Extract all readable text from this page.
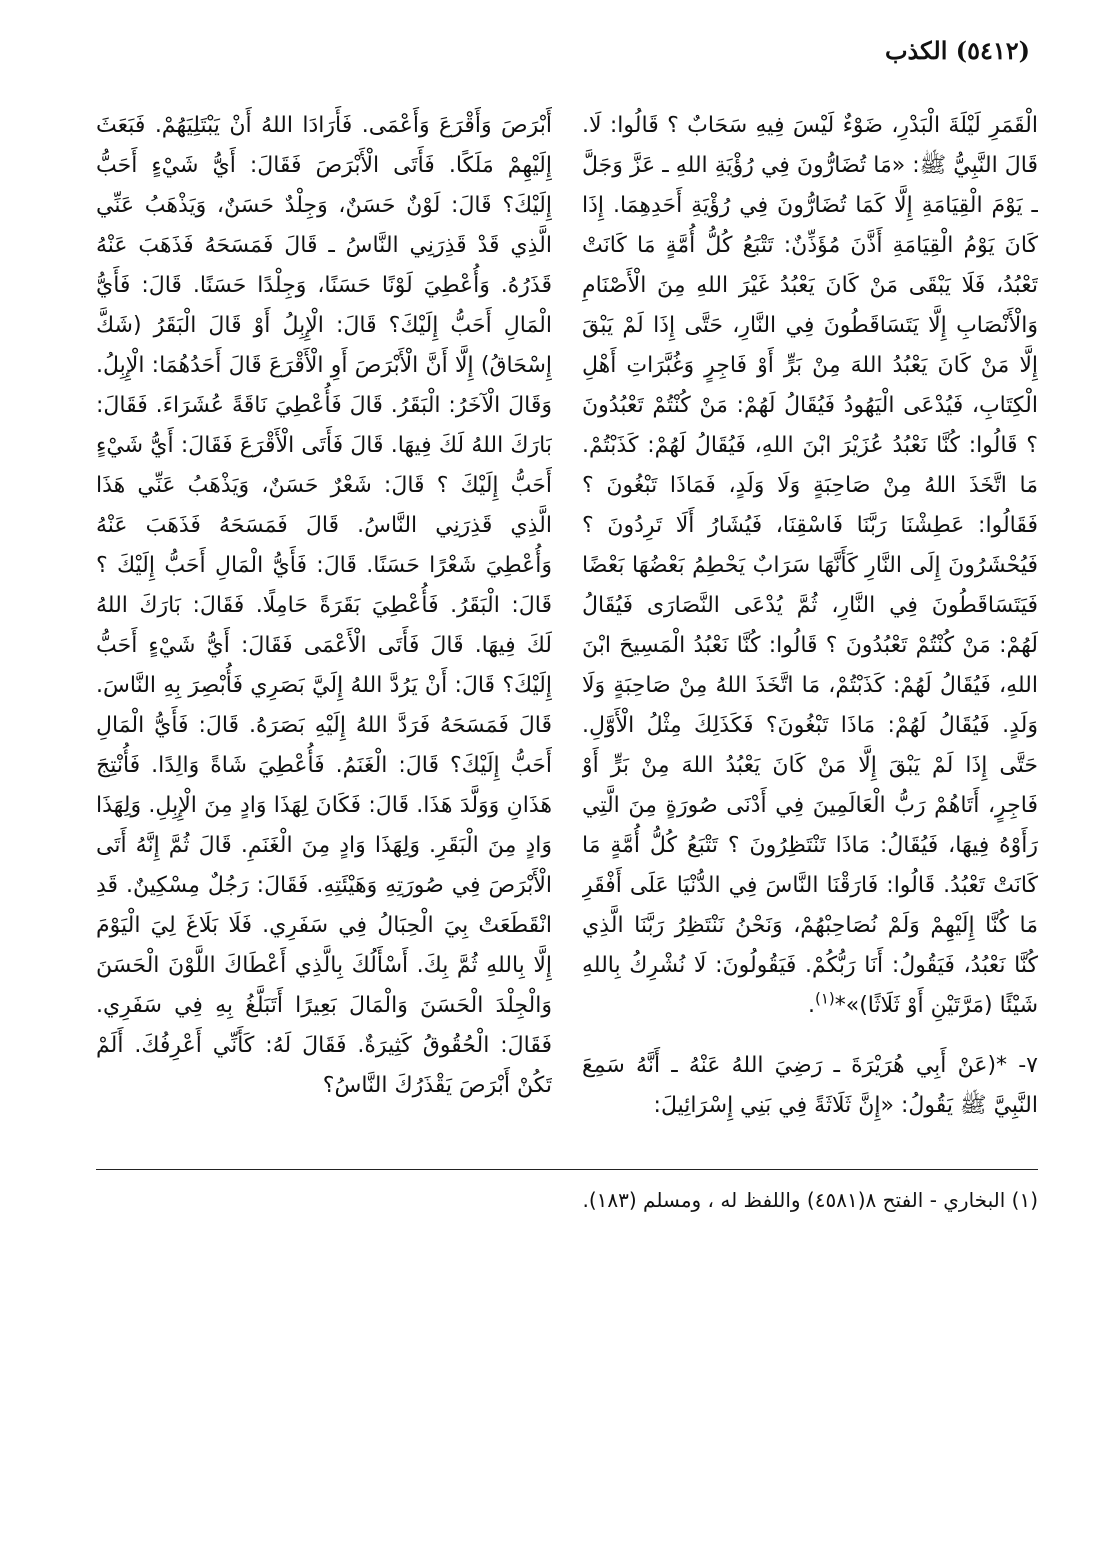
(٥٤١٢) الكذب

الْقَمَرِ لَيْلَةَ الْبَدْرِ، ضَوْءٌ لَيْسَ فِيهِ سَحَابٌ ؟ قَالُوا: لَا. قَالَ النَّبِيُّ ﷺ: «مَا تُضَارُّونَ فِي رُؤْيَةِ اللهِ ـ عَزَّ وَجَلَّ ـ يَوْمَ الْقِيَامَةِ إِلَّا كَمَا تُضَارُّونَ فِي رُؤْيَةِ أَحَدِهِمَا. إِذَا كَانَ يَوْمُ الْقِيَامَةِ أَذَّنَ مُؤَذِّنٌ: تَتْبَعُ كُلُّ أُمَّةٍ مَا كَانَتْ تَعْبُدُ، فَلَا يَبْقَى مَنْ كَانَ يَعْبُدُ غَيْرَ اللهِ مِنَ الْأَصْنَامِ وَالْأَنْصَابِ إِلَّا يَتَسَاقَطُونَ فِي النَّارِ، حَتَّى إِذَا لَمْ يَبْقَ إِلَّا مَنْ كَانَ يَعْبُدُ اللهَ مِنْ بَرٍّ أَوْ فَاجِرٍ وَغُبَّرَاتِ أَهْلِ الْكِتَابِ، فَيُدْعَى الْيَهُودُ فَيُقَالُ لَهُمْ: مَنْ كُنْتُمْ تَعْبُدُونَ ؟ قَالُوا: كُنَّا نَعْبُدُ عُزَيْرَ ابْنَ اللهِ، فَيُقَالُ لَهُمْ: كَذَبْتُمْ. مَا اتَّخَذَ اللهُ مِنْ صَاحِبَةٍ وَلَا وَلَدٍ، فَمَاذَا تَبْغُونَ ؟ فَقَالُوا: عَطِشْنَا رَبَّنَا فَاسْقِنَا، فَيُشَارُ أَلَا تَرِدُونَ ؟ فَيُحْشَرُونَ إِلَى النَّارِ كَأَنَّهَا سَرَابٌ يَحْطِمُ بَعْضُهَا بَعْضًا فَيَتَسَاقَطُونَ فِي النَّارِ، ثُمَّ يُدْعَى النَّصَارَى فَيُقَالُ لَهُمْ: مَنْ كُنْتُمْ تَعْبُدُونَ ؟ قَالُوا: كُنَّا نَعْبُدُ الْمَسِيحَ ابْنَ اللهِ، فَيُقَالُ لَهُمْ: كَذَبْتُمْ، مَا اتَّخَذَ اللهُ مِنْ صَاحِبَةٍ وَلَا وَلَدٍ. فَيُقَالُ لَهُمْ: مَاذَا تَبْغُونَ؟ فَكَذَلِكَ مِثْلُ الْأَوَّلِ. حَتَّى إِذَا لَمْ يَبْقَ إِلَّا مَنْ كَانَ يَعْبُدُ اللهَ مِنْ بَرٍّ أَوْ فَاجِرٍ، أَتَاهُمْ رَبُّ الْعَالَمِينَ فِي أَدْنَى صُورَةٍ مِنَ الَّتِي رَأَوْهُ فِيهَا، فَيُقَالُ: مَاذَا تَنْتَظِرُونَ ؟ تَتْبَعُ كُلُّ أُمَّةٍ مَا كَانَتْ تَعْبُدُ. قَالُوا: فَارَقْنَا النَّاسَ فِي الدُّنْيَا عَلَى أَفْقَرِ مَا كُنَّا إِلَيْهِمْ وَلَمْ نُصَاحِبْهُمْ، وَنَحْنُ نَنْتَظِرُ رَبَّنَا الَّذِي كُنَّا نَعْبُدُ، فَيَقُولُ: أَنَا رَبُّكُمْ. فَيَقُولُونَ: لَا نُشْرِكُ بِاللهِ شَيْئًا (مَرَّتَيْنِ أَوْ ثَلَاثًا)»*$^{(١)}$.

٧- *(عَنْ أَبِي هُرَيْرَةَ ـ رَضِيَ اللهُ عَنْهُ ـ أَنَّهُ سَمِعَ النَّبِيَّ ﷺ يَقُولُ: «إِنَّ ثَلَاثَةً فِي بَنِي إِسْرَائِيلَ:

أَبْرَصَ وَأَقْرَعَ وَأَعْمَى. فَأَرَادَا اللهُ أَنْ يَبْتَلِيَهُمْ. فَبَعَثَ إِلَيْهِمْ مَلَكًا. فَأَتَى الْأَبْرَصَ فَقَالَ: أَيُّ شَيْءٍ أَحَبُّ إِلَيْكَ؟ قَالَ: لَوْنٌ حَسَنٌ، وَجِلْدٌ حَسَنٌ، وَيَذْهَبُ عَنِّي الَّذِي قَدْ قَذِرَنِي النَّاسُ ـ قَالَ فَمَسَحَهُ فَذَهَبَ عَنْهُ قَذَرُهُ. وَأُعْطِيَ لَوْنًا حَسَنًا، وَجِلْدًا حَسَنًا. قَالَ: فَأَيُّ الْمَالِ أَحَبُّ إِلَيْكَ؟ قَالَ: الْإِبِلُ أَوْ قَالَ الْبَقَرُ (شَكَّ إِسْحَاقُ) إِلَّا أَنَّ الْأَبْرَصَ أَوِ الْأَقْرَعَ قَالَ أَحَدُهُمَا: الْإِبِلُ. وَقَالَ الْآخَرُ: الْبَقَرُ. قَالَ فَأُعْطِيَ نَاقَةً عُشَرَاءَ. فَقَالَ: بَارَكَ اللهُ لَكَ فِيهَا. قَالَ فَأَتَى الْأَقْرَعَ فَقَالَ: أَيُّ شَيْءٍ أَحَبُّ إِلَيْكَ ؟ قَالَ: شَعْرٌ حَسَنٌ، وَيَذْهَبُ عَنِّي هَذَا الَّذِي قَذِرَنِي النَّاسُ. قَالَ فَمَسَحَهُ فَذَهَبَ عَنْهُ وَأُعْطِيَ شَعْرًا حَسَنًا. قَالَ: فَأَيُّ الْمَالِ أَحَبُّ إِلَيْكَ ؟ قَالَ: الْبَقَرُ. فَأُعْطِيَ بَقَرَةً حَامِلًا. فَقَالَ: بَارَكَ اللهُ لَكَ فِيهَا. قَالَ فَأَتَى الْأَعْمَى فَقَالَ: أَيُّ شَيْءٍ أَحَبُّ إِلَيْكَ؟ قَالَ: أَنْ يَرُدَّ اللهُ إِلَيَّ بَصَرِي فَأُبْصِرَ بِهِ النَّاسَ. قَالَ فَمَسَحَهُ فَرَدَّ اللهُ إِلَيْهِ بَصَرَهُ. قَالَ: فَأَيُّ الْمَالِ أَحَبُّ إِلَيْكَ؟ قَالَ: الْغَنَمُ. فَأُعْطِيَ شَاةً وَالِدًا. فَأُنْتِجَ هَذَانِ وَوَلَّدَ هَذَا. قَالَ: فَكَانَ لِهَذَا وَادٍ مِنَ الْإِبِلِ. وَلِهَذَا وَادٍ مِنَ الْبَقَرِ. وَلِهَذَا وَادٍ مِنَ الْغَنَمِ. قَالَ ثُمَّ إِنَّهُ أَتَى الْأَبْرَصَ فِي صُورَتِهِ وَهَيْئَتِهِ. فَقَالَ: رَجُلٌ مِسْكِينٌ. قَدِ انْقَطَعَتْ بِيَ الْحِبَالُ فِي سَفَرِي. فَلَا بَلَاغَ لِيَ الْيَوْمَ إِلَّا بِاللهِ ثُمَّ بِكَ. أَسْأَلُكَ بِالَّذِي أَعْطَاكَ اللَّوْنَ الْحَسَنَ وَالْجِلْدَ الْحَسَنَ وَالْمَالَ بَعِيرًا أَتَبَلَّغُ بِهِ فِي سَفَرِي. فَقَالَ: الْحُقُوقُ كَثِيرَةٌ. فَقَالَ لَهُ: كَأَنِّي أَعْرِفُكَ. أَلَمْ تَكُنْ أَبْرَصَ يَقْذَرُكَ النَّاسُ؟

(١) البخاري - الفتح ٨(٤٥٨١) واللفظ له ، ومسلم (١٨٣).
